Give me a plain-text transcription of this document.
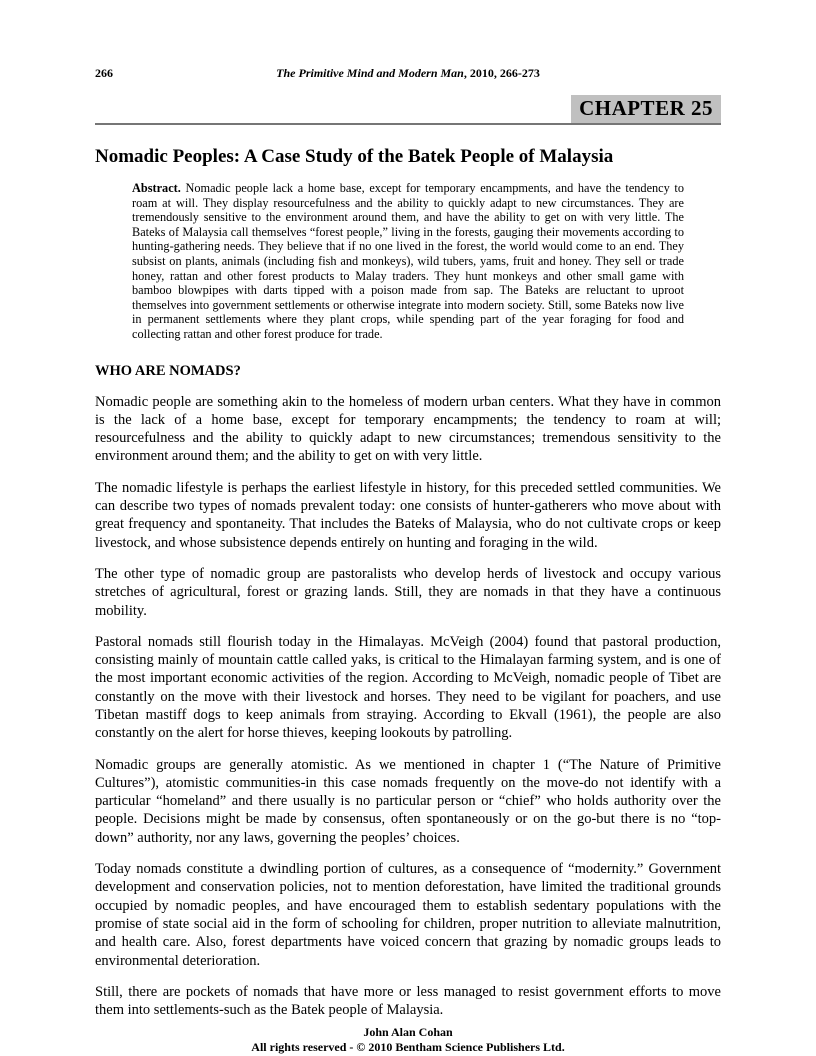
266	The Primitive Mind and Modern Man, 2010, 266-273
CHAPTER 25
Nomadic Peoples: A Case Study of the Batek People of Malaysia

Abstract. Nomadic people lack a home base, except for temporary encampments, and have the tendency to roam at will. They display resourcefulness and the ability to quickly adapt to new circumstances. They are tremendously sensitive to the environment around them, and have the ability to get on with very little. The Bateks of Malaysia call themselves “forest people,” living in the forests, gauging their movements according to hunting-gathering needs. They believe that if no one lived in the forest, the world would come to an end. They subsist on plants, animals (including fish and monkeys), wild tubers, yams, fruit and honey. They sell or trade honey, rattan and other forest products to Malay traders. They hunt monkeys and other small game with bamboo blowpipes with darts tipped with a poison made from sap. The Bateks are reluctant to uproot themselves into government settlements or otherwise integrate into modern society. Still, some Bateks now live in permanent settlements where they plant crops, while spending part of the year foraging for food and collecting rattan and other forest produce for trade.

WHO ARE NOMADS?

Nomadic people are something akin to the homeless of modern urban centers. What they have in common is the lack of a home base, except for temporary encampments; the tendency to roam at will; resourcefulness and the ability to quickly adapt to new circumstances; tremendous sensitivity to the environment around them; and the ability to get on with very little.

The nomadic lifestyle is perhaps the earliest lifestyle in history, for this preceded settled communities. We can describe two types of nomads prevalent today: one consists of hunter-gatherers who move about with great frequency and spontaneity. That includes the Bateks of Malaysia, who do not cultivate crops or keep livestock, and whose subsistence depends entirely on hunting and foraging in the wild.

The other type of nomadic group are pastoralists who develop herds of livestock and occupy various stretches of agricultural, forest or grazing lands. Still, they are nomads in that they have a continuous mobility.

Pastoral nomads still flourish today in the Himalayas. McVeigh (2004) found that pastoral production, consisting mainly of mountain cattle called yaks, is critical to the Himalayan farming system, and is one of the most important economic activities of the region. According to McVeigh, nomadic people of Tibet are constantly on the move with their livestock and horses. They need to be vigilant for poachers, and use Tibetan mastiff dogs to keep animals from straying. According to Ekvall (1961), the people are also constantly on the alert for horse thieves, keeping lookouts by patrolling.

Nomadic groups are generally atomistic. As we mentioned in chapter 1 (“The Nature of Primitive Cultures”), atomistic communities-in this case nomads frequently on the move-do not identify with a particular “homeland” and there usually is no particular person or “chief” who holds authority over the people. Decisions might be made by consensus, often spontaneously or on the go-but there is no “top-down” authority, nor any laws, governing the peoples’ choices.

Today nomads constitute a dwindling portion of cultures, as a consequence of “modernity.” Government development and conservation policies, not to mention deforestation, have limited the traditional grounds occupied by nomadic peoples, and have encouraged them to establish sedentary populations with the promise of state social aid in the form of schooling for children, proper nutrition to alleviate malnutrition, and health care. Also, forest departments have voiced concern that grazing by nomadic groups leads to environmental deterioration.

Still, there are pockets of nomads that have more or less managed to resist government efforts to move them into settlements-such as the Batek people of Malaysia.

John Alan Cohan
All rights reserved - © 2010 Bentham Science Publishers Ltd.
